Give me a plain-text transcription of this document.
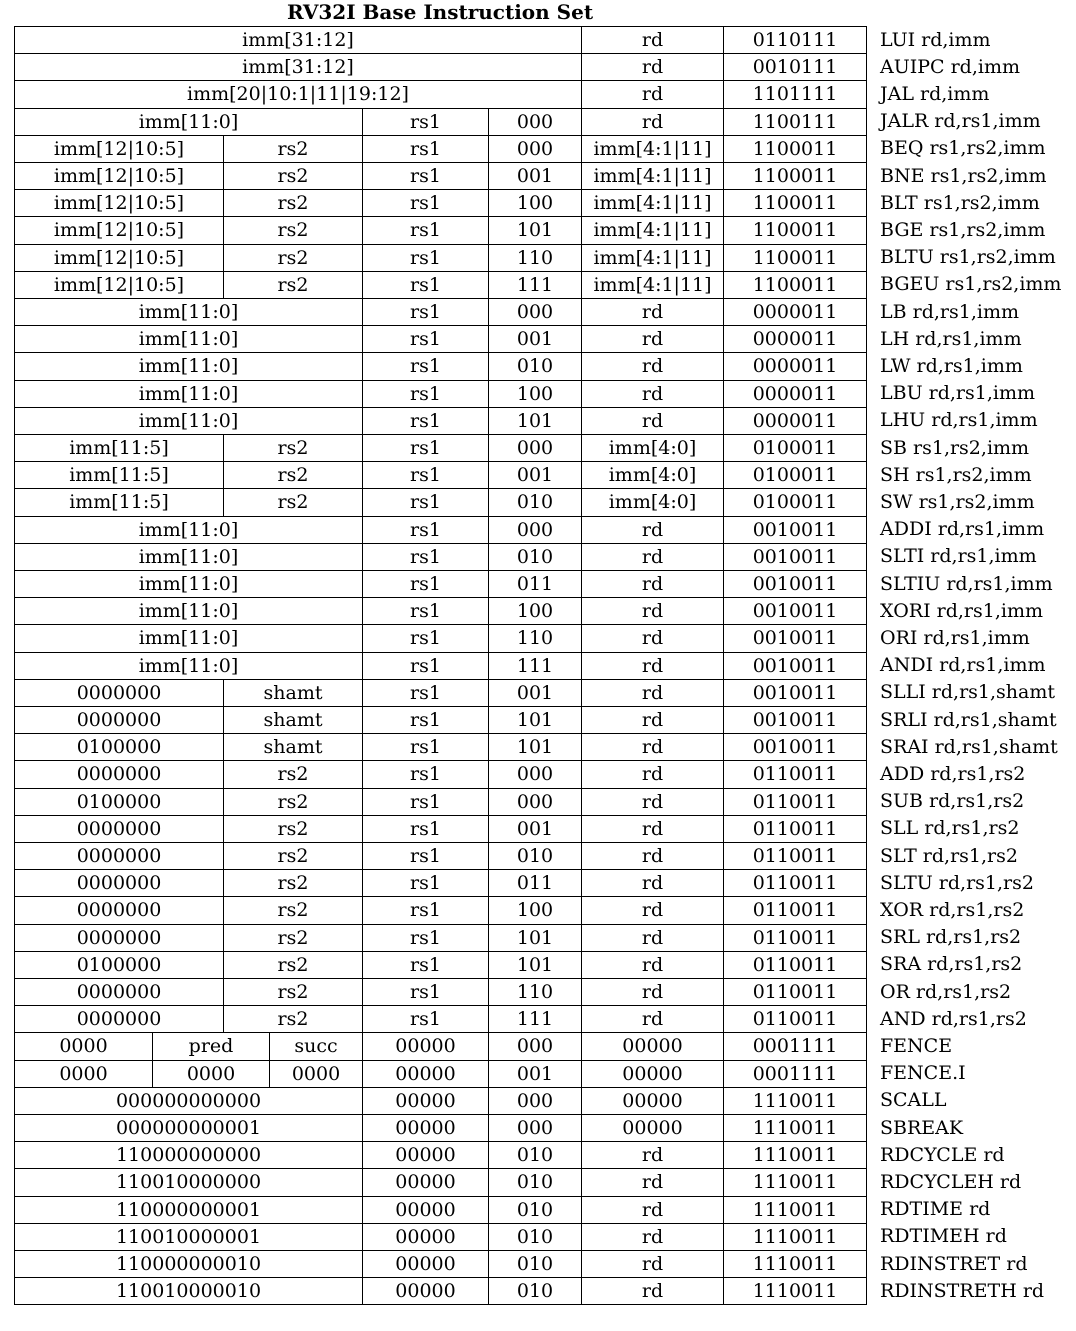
RV32I Base Instruction Set
imm[31:12]	rd	0110111	LUI rd,imm
imm[31:12]	rd	0010111	AUIPC rd,imm
imm[20|10:1|11|19:12]	rd	1101111	JAL rd,imm
imm[11:0]	rs1	000	rd	1100111	JALR rd,rs1,imm
imm[12|10:5]	rs2	rs1	000	imm[4:1|11]	1100011	BEQ rs1,rs2,imm
imm[12|10:5]	rs2	rs1	001	imm[4:1|11]	1100011	BNE rs1,rs2,imm
imm[12|10:5]	rs2	rs1	100	imm[4:1|11]	1100011	BLT rs1,rs2,imm
imm[12|10:5]	rs2	rs1	101	imm[4:1|11]	1100011	BGE rs1,rs2,imm
imm[12|10:5]	rs2	rs1	110	imm[4:1|11]	1100011	BLTU rs1,rs2,imm
imm[12|10:5]	rs2	rs1	111	imm[4:1|11]	1100011	BGEU rs1,rs2,imm
imm[11:0]	rs1	000	rd	0000011	LB rd,rs1,imm
imm[11:0]	rs1	001	rd	0000011	LH rd,rs1,imm
imm[11:0]	rs1	010	rd	0000011	LW rd,rs1,imm
imm[11:0]	rs1	100	rd	0000011	LBU rd,rs1,imm
imm[11:0]	rs1	101	rd	0000011	LHU rd,rs1,imm
imm[11:5]	rs2	rs1	000	imm[4:0]	0100011	SB rs1,rs2,imm
imm[11:5]	rs2	rs1	001	imm[4:0]	0100011	SH rs1,rs2,imm
imm[11:5]	rs2	rs1	010	imm[4:0]	0100011	SW rs1,rs2,imm
imm[11:0]	rs1	000	rd	0010011	ADDI rd,rs1,imm
imm[11:0]	rs1	010	rd	0010011	SLTI rd,rs1,imm
imm[11:0]	rs1	011	rd	0010011	SLTIU rd,rs1,imm
imm[11:0]	rs1	100	rd	0010011	XORI rd,rs1,imm
imm[11:0]	rs1	110	rd	0010011	ORI rd,rs1,imm
imm[11:0]	rs1	111	rd	0010011	ANDI rd,rs1,imm
0000000	shamt	rs1	001	rd	0010011	SLLI rd,rs1,shamt
0000000	shamt	rs1	101	rd	0010011	SRLI rd,rs1,shamt
0100000	shamt	rs1	101	rd	0010011	SRAI rd,rs1,shamt
0000000	rs2	rs1	000	rd	0110011	ADD rd,rs1,rs2
0100000	rs2	rs1	000	rd	0110011	SUB rd,rs1,rs2
0000000	rs2	rs1	001	rd	0110011	SLL rd,rs1,rs2
0000000	rs2	rs1	010	rd	0110011	SLT rd,rs1,rs2
0000000	rs2	rs1	011	rd	0110011	SLTU rd,rs1,rs2
0000000	rs2	rs1	100	rd	0110011	XOR rd,rs1,rs2
0000000	rs2	rs1	101	rd	0110011	SRL rd,rs1,rs2
0100000	rs2	rs1	101	rd	0110011	SRA rd,rs1,rs2
0000000	rs2	rs1	110	rd	0110011	OR rd,rs1,rs2
0000000	rs2	rs1	111	rd	0110011	AND rd,rs1,rs2
0000	pred	succ	00000	000	00000	0001111	FENCE
0000	0000	0000	00000	001	00000	0001111	FENCE.I
000000000000	00000	000	00000	1110011	SCALL
000000000001	00000	000	00000	1110011	SBREAK
110000000000	00000	010	rd	1110011	RDCYCLE rd
110010000000	00000	010	rd	1110011	RDCYCLEH rd
110000000001	00000	010	rd	1110011	RDTIME rd
110010000001	00000	010	rd	1110011	RDTIMEH rd
110000000010	00000	010	rd	1110011	RDINSTRET rd
110010000010	00000	010	rd	1110011	RDINSTRETH rd
